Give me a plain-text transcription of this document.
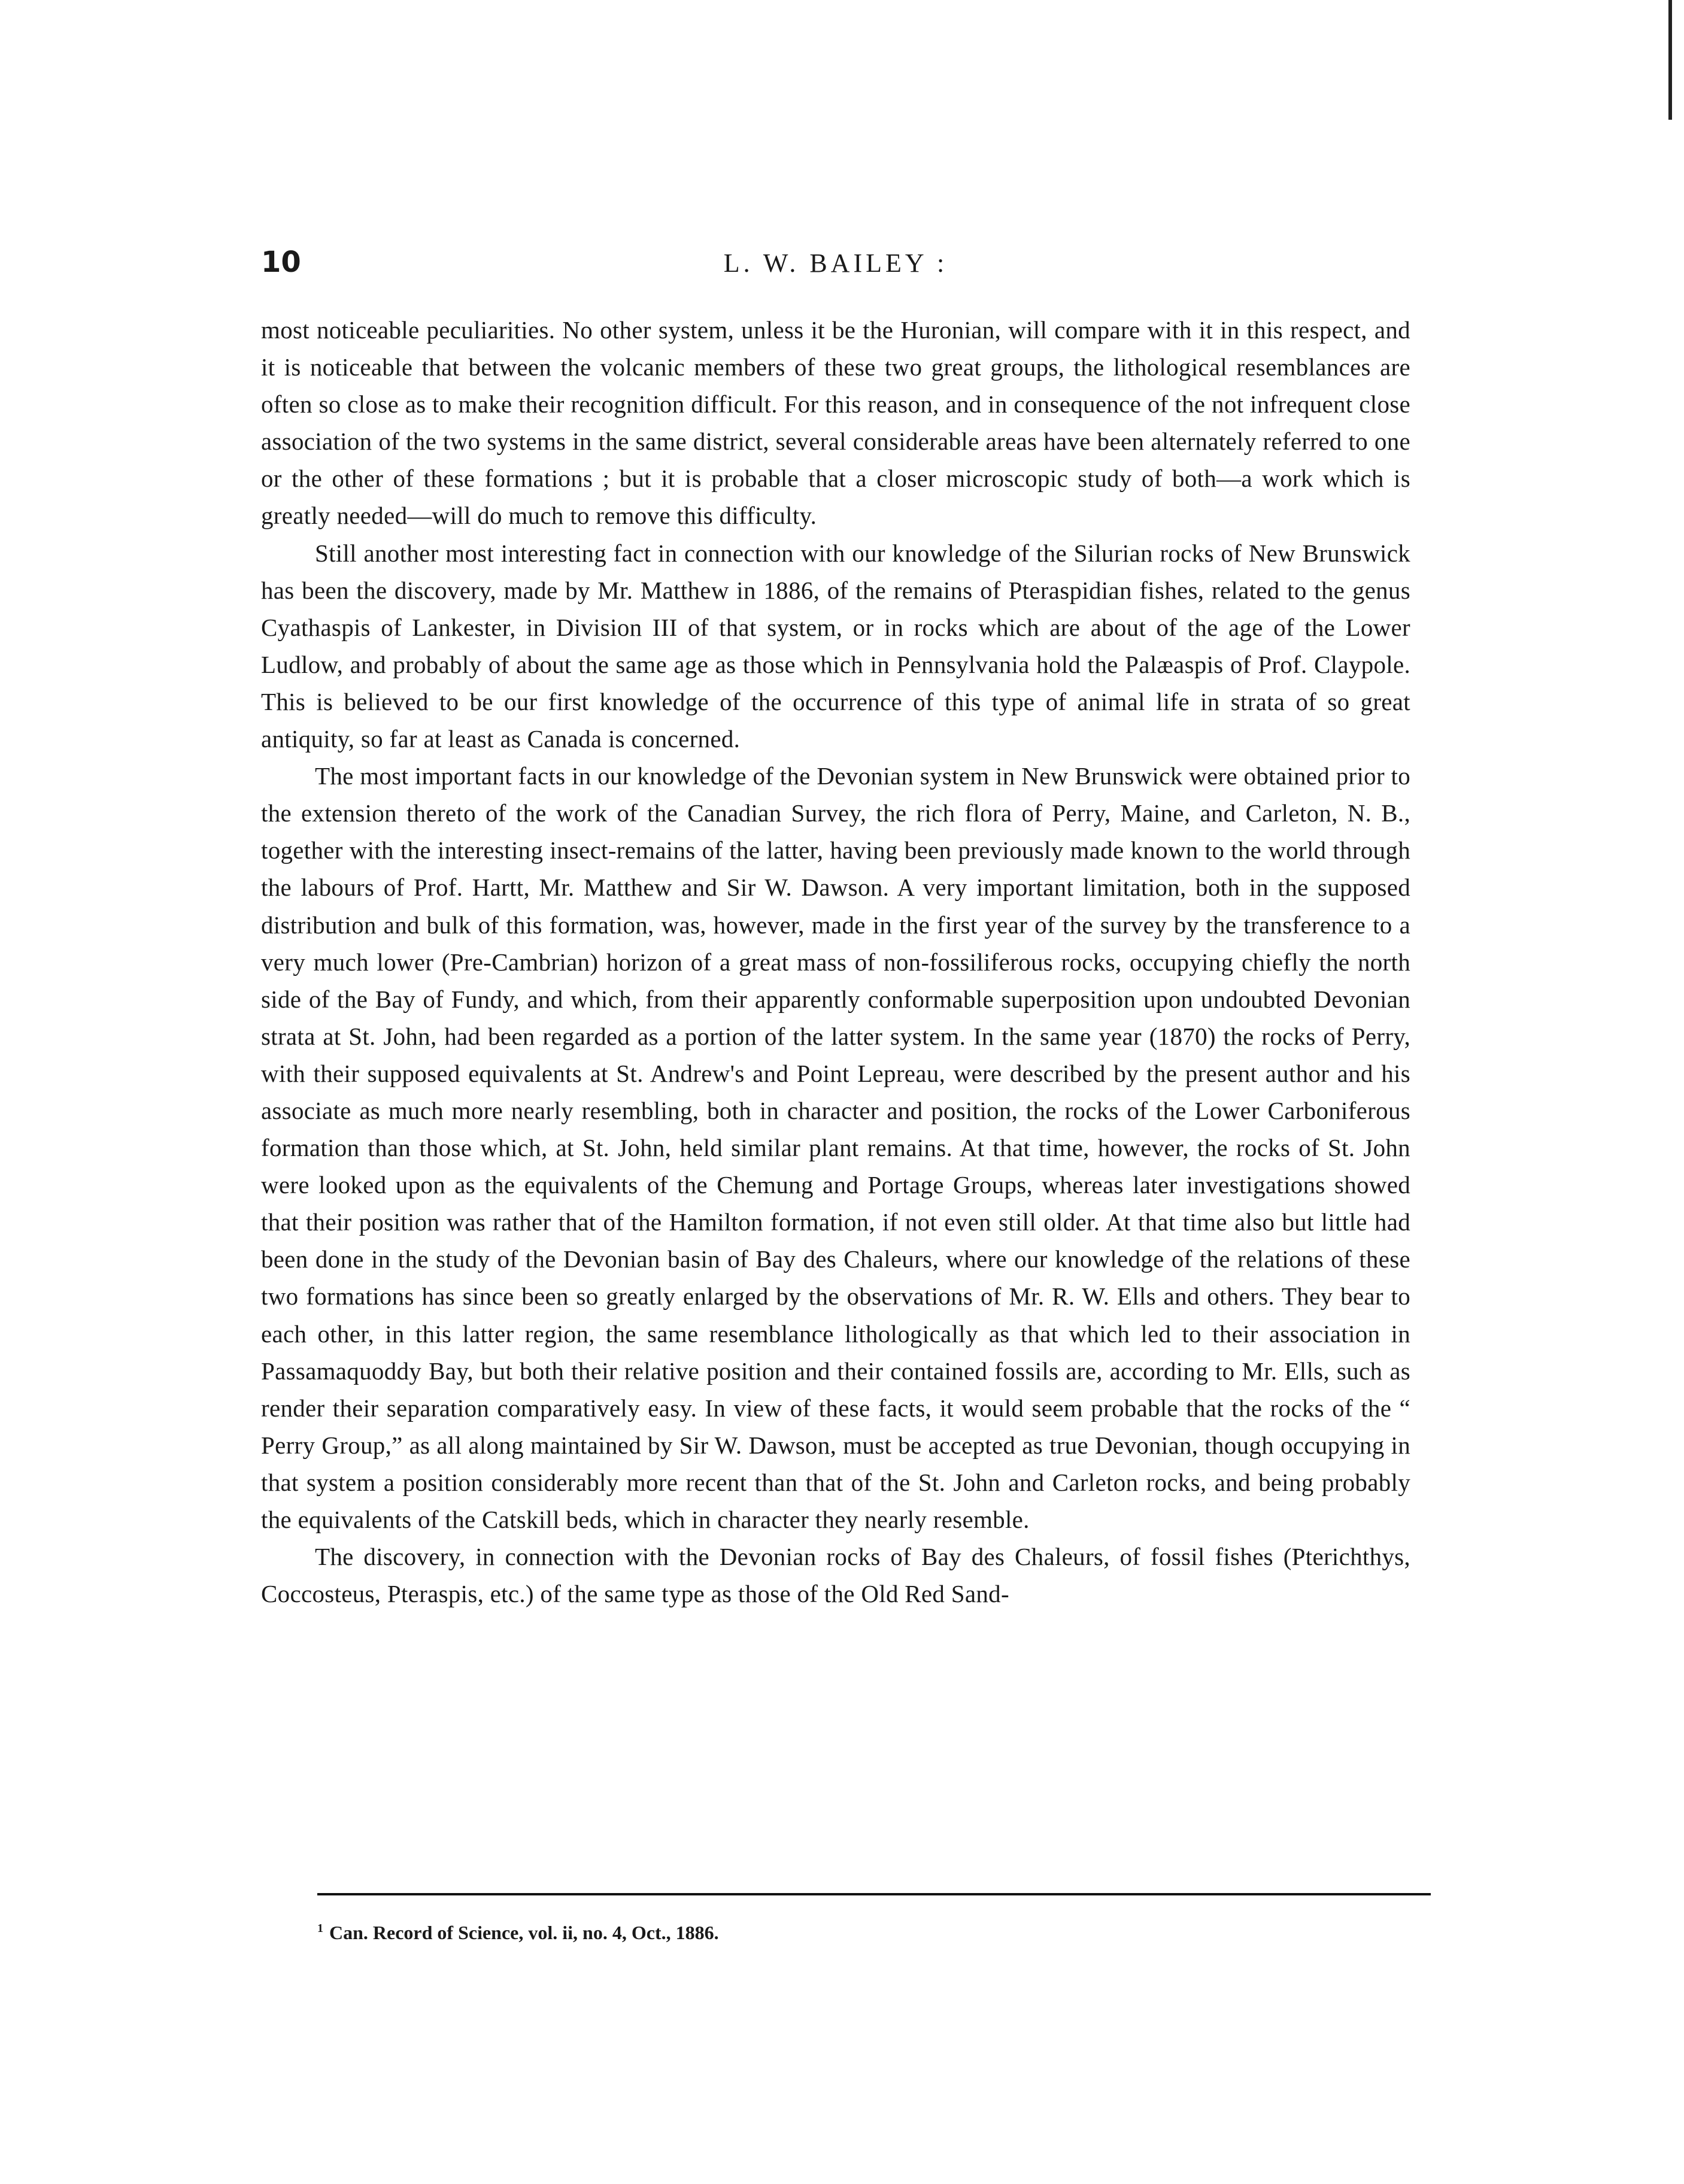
10	L. W. BAILEY :

most noticeable peculiarities. No other system, unless it be the Huronian, will compare with it in this respect, and it is noticeable that between the volcanic members of these two great groups, the lithological resemblances are often so close as to make their recognition difficult. For this reason, and in consequence of the not infrequent close association of the two systems in the same district, several considerable areas have been alternately referred to one or the other of these formations ; but it is probable that a closer microscopic study of both—a work which is greatly needed—will do much to remove this difficulty.

Still another most interesting fact in connection with our knowledge of the Silurian rocks of New Brunswick has been the discovery, made by Mr. Matthew in 1886, of the remains of Pteraspidian fishes, related to the genus Cyathaspis of Lankester, in Division III of that system, or in rocks which are about of the age of the Lower Ludlow, and probably of about the same age as those which in Pennsylvania hold the Palæaspis of Prof. Claypole. This is believed to be our first knowledge of the occurrence of this type of animal life in strata of so great antiquity, so far at least as Canada is concerned.

The most important facts in our knowledge of the Devonian system in New Brunswick were obtained prior to the extension thereto of the work of the Canadian Survey, the rich flora of Perry, Maine, and Carleton, N. B., together with the interesting insect-remains of the latter, having been previously made known to the world through the labours of Prof. Hartt, Mr. Matthew and Sir W. Dawson. A very important limitation, both in the supposed distribution and bulk of this formation, was, however, made in the first year of the survey by the transference to a very much lower (Pre-Cambrian) horizon of a great mass of non-fossiliferous rocks, occupying chiefly the north side of the Bay of Fundy, and which, from their apparently conformable superposition upon undoubted Devonian strata at St. John, had been regarded as a portion of the latter system. In the same year (1870) the rocks of Perry, with their supposed equivalents at St. Andrew's and Point Lepreau, were described by the present author and his associate as much more nearly resembling, both in character and position, the rocks of the Lower Carboniferous formation than those which, at St. John, held similar plant remains. At that time, however, the rocks of St. John were looked upon as the equivalents of the Chemung and Portage Groups, whereas later investigations showed that their position was rather that of the Hamilton formation, if not even still older. At that time also but little had been done in the study of the Devonian basin of Bay des Chaleurs, where our knowledge of the relations of these two formations has since been so greatly enlarged by the observations of Mr. R. W. Ells and others. They bear to each other, in this latter region, the same resemblance lithologically as that which led to their association in Passamaquoddy Bay, but both their relative position and their contained fossils are, according to Mr. Ells, such as render their separation comparatively easy. In view of these facts, it would seem probable that the rocks of the “ Perry Group,” as all along maintained by Sir W. Dawson, must be accepted as true Devonian, though occupying in that system a position considerably more recent than that of the St. John and Carleton rocks, and being probably the equivalents of the Catskill beds, which in character they nearly resemble.

The discovery, in connection with the Devonian rocks of Bay des Chaleurs, of fossil fishes (Pterichthys, Coccosteus, Pteraspis, etc.) of the same type as those of the Old Red Sand-

$^1$ Can. Record of Science, vol. ii, no. 4, Oct., 1886.
